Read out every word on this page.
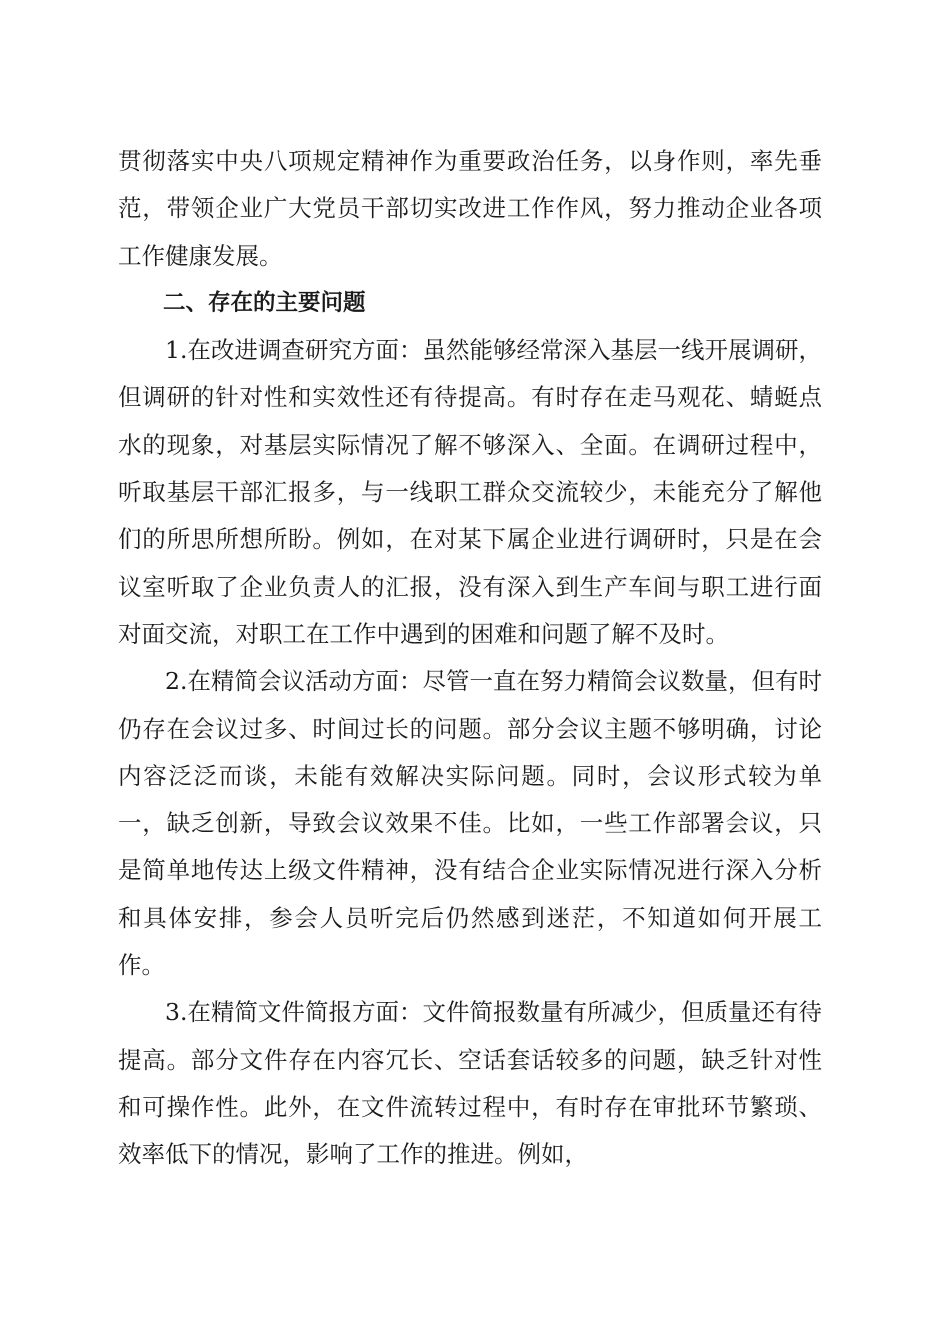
贯彻落实中央八项规定精神作为重要政治任务，以身作则，率先垂范，带领企业广大党员干部切实改进工作作风，努力推动企业各项工作健康发展。

二、存在的主要问题

1.在改进调查研究方面：虽然能够经常深入基层一线开展调研，但调研的针对性和实效性还有待提高。有时存在走马观花、蜻蜓点水的现象，对基层实际情况了解不够深入、全面。在调研过程中，听取基层干部汇报多，与一线职工群众交流较少，未能充分了解他们的所思所想所盼。例如，在对某下属企业进行调研时，只是在会议室听取了企业负责人的汇报，没有深入到生产车间与职工进行面对面交流，对职工在工作中遇到的困难和问题了解不及时。

2.在精简会议活动方面：尽管一直在努力精简会议数量，但有时仍存在会议过多、时间过长的问题。部分会议主题不够明确，讨论内容泛泛而谈，未能有效解决实际问题。同时，会议形式较为单一，缺乏创新，导致会议效果不佳。比如，一些工作部署会议，只是简单地传达上级文件精神，没有结合企业实际情况进行深入分析和具体安排，参会人员听完后仍然感到迷茫，不知道如何开展工作。

3.在精简文件简报方面：文件简报数量有所减少，但质量还有待提高。部分文件存在内容冗长、空话套话较多的问题，缺乏针对性和可操作性。此外，在文件流转过程中，有时存在审批环节繁琐、效率低下的情况，影响了工作的推进。例如，
